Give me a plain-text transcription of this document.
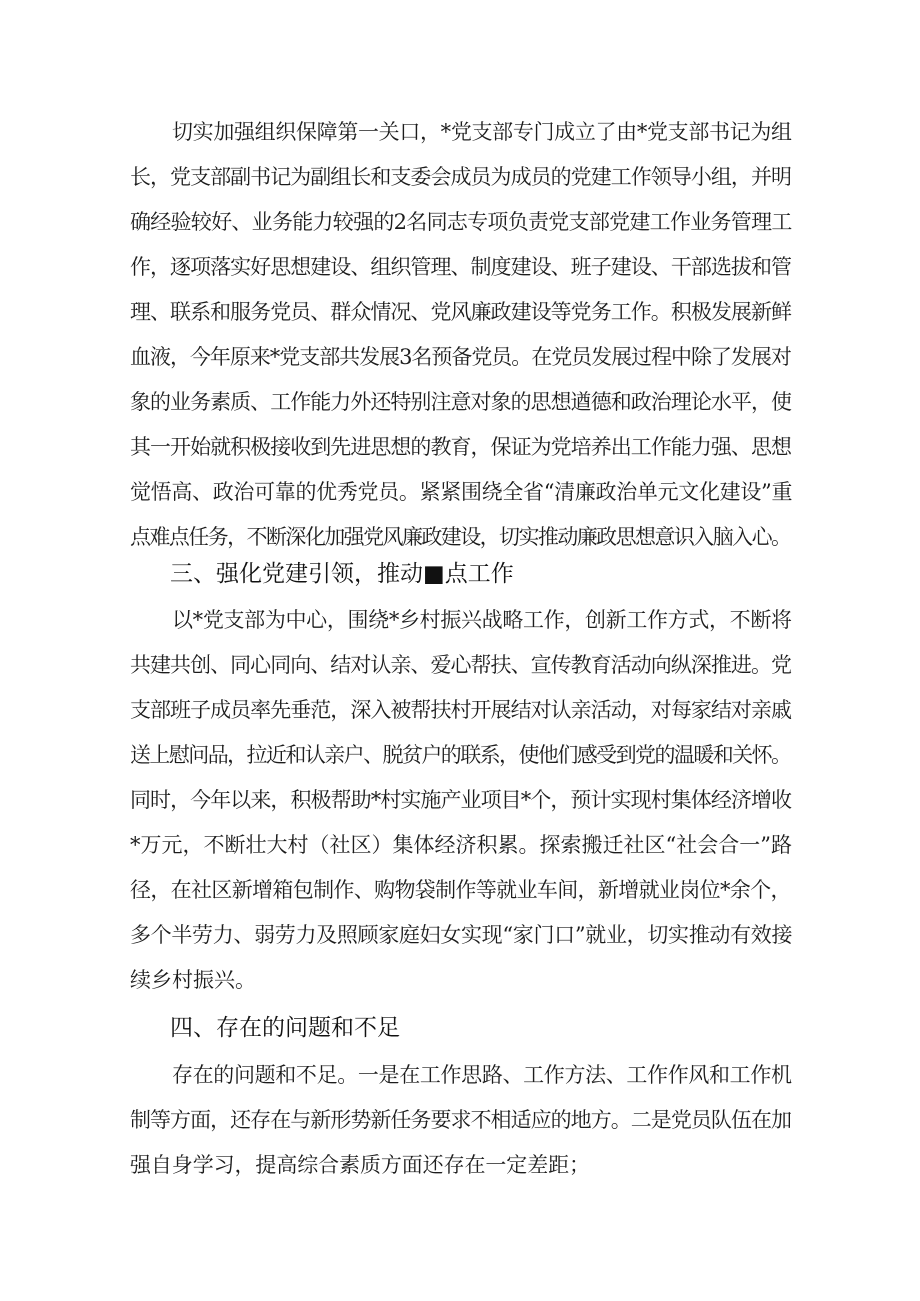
切实加强组织保障第一关口，*党支部专门成立了由*党支部书记为组
长，党支部副书记为副组长和支委会成员为成员的党建工作领导小组，并明
确经验较好、业务能力较强的2名同志专项负责党支部党建工作业务管理工
作，逐项落实好思想建设、组织管理、制度建设、班子建设、干部选拔和管
理、联系和服务党员、群众情况、党风廉政建设等党务工作。积极发展新鲜
血液，今年原来*党支部共发展3名预备党员。在党员发展过程中除了发展对
象的业务素质、工作能力外还特别注意对象的思想遒德和政治理论水平，使
其一开始就积极接收到先进思想的教育，保证为党培养出工作能力强、思想
觉悟高、政治可靠的优秀党员。紧紧围绕全省“清廉政治单元文化建设”重
点难点任务，不断深化加强党风廉政建设，切实推动廉政思想意识入脑入心。
三、强化党建引领，推动■点工作
以*党支部为中心，围绕*乡村振兴战略工作，创新工作方式，不断将
共建共创、同心同向、结对认亲、爱心帮扶、宣传教育活动向纵深推进。党
支部班子成员率先垂范，深入被帮扶村开展结对认亲活动，对每家结对亲戚
送上慰问品，拉近和认亲户、脱贫户的联系，使他们感受到党的温暖和关怀。
同时，今年以来，积极帮助*村实施产业项目*个，预计实现村集体经济增收
*万元，不断壮大村（社区）集体经济积累。探索搬迁社区“社会合一”路
径，在社区新增箱包制作、购物袋制作等就业车间，新增就业岗位*余个，
多个半劳力、弱劳力及照顾家庭妇女实现“家门口”就业，切实推动有效接
续乡村振兴。
四、存在的问题和不足
存在的问题和不足。一是在工作思路、工作方法、工作作风和工作机
制等方面，还存在与新形势新任务要求不相适应的地方。二是党员队伍在加
强自身学习，提高综合素质方面还存在一定差距；
